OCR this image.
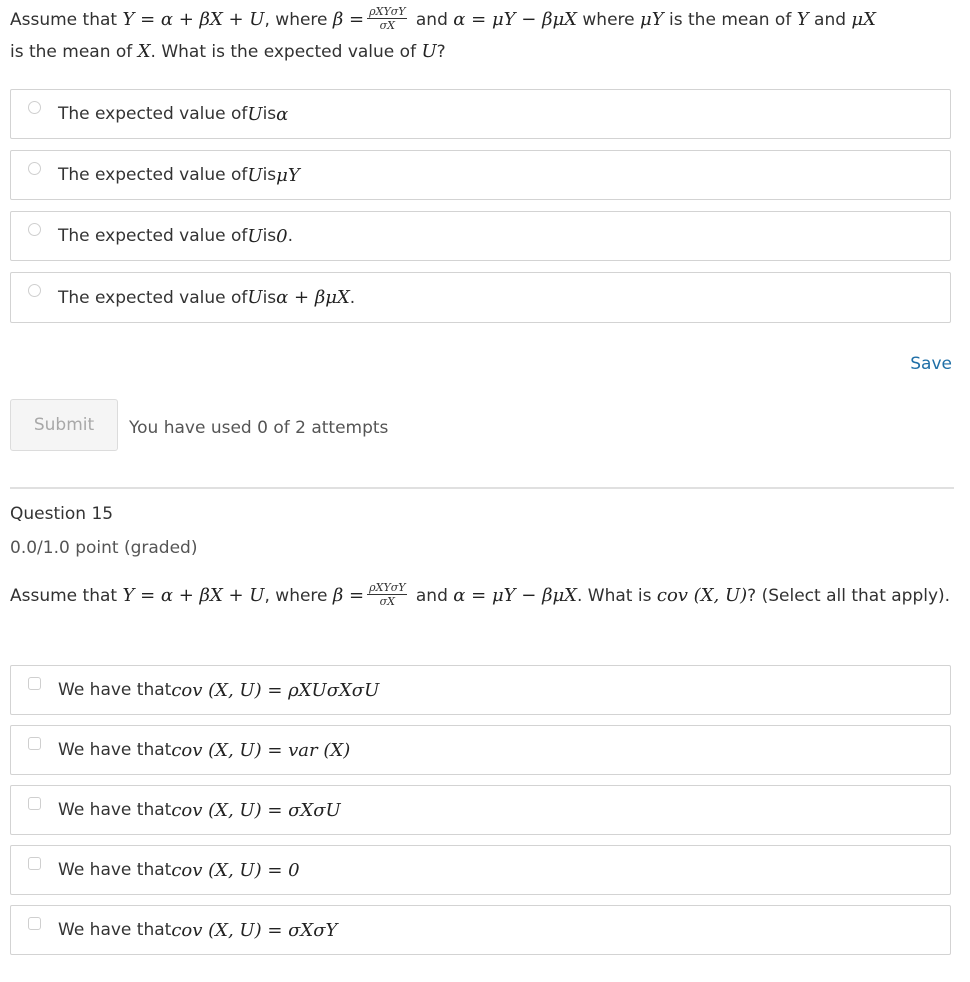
Assume that Y = α + βX + U, where $\beta = \frac{\text{ρXYσY}}{\sigma X}$ and α = μY − βμX where μY is the mean of Y and μX
is the mean of X. What is the expected value of U?
The expected value of U is α
The expected value of U is μY
The expected value of U is 0 .
The expected value of U is α + βμX .
Save
Submit	You have used 0 of 2 attempts
Question 15
0.0/1.0 point (graded)
Assume that Y = α + βX + U, where $\beta = \frac{\text{ρXYσY}}{\sigma X}$ and α = μY − βμX. What is cov (X, U)? (Select all that apply).
We have that cov (X, U) = ρXUσXσU
We have that cov (X, U) = var (X)
We have that cov (X, U) = σXσU
We have that cov (X, U) = 0
We have that cov (X, U) = σXσY
